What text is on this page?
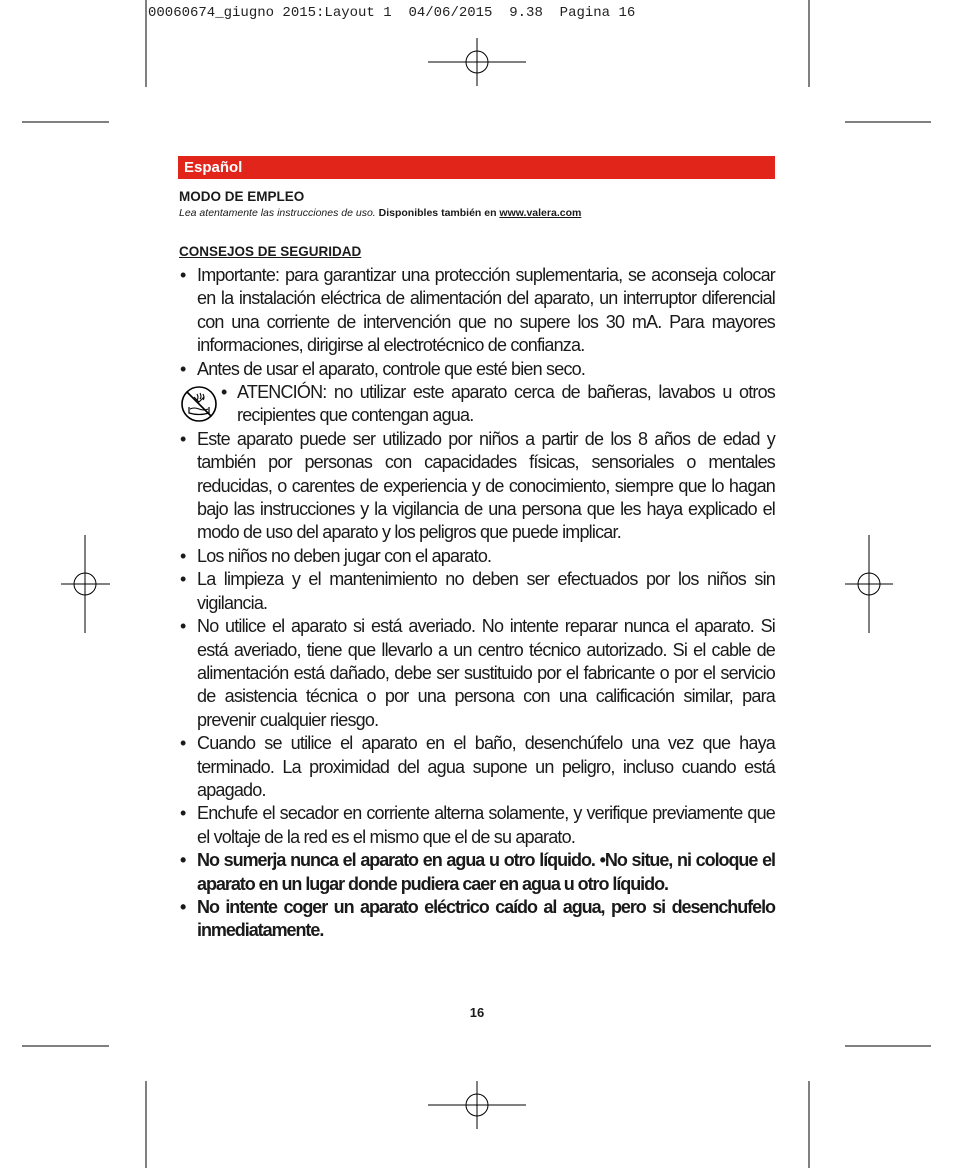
00060674_giugno 2015:Layout 1  04/06/2015  9.38  Pagina 16
Español
MODO DE EMPLEO
Lea atentamente las instrucciones de uso. Disponibles también en www.valera.com
CONSEJOS DE SEGURIDAD
• Importante: para garantizar una protección suplementaria, se aconseja colocar en la instalación eléctrica de alimentación del aparato, un interruptor diferencial con una corriente de intervención que no supere los 30 mA. Para mayores informaciones, dirigirse al electrotécnico de confianza.
• Antes de usar el aparato, controle que esté bien seco.
• ATENCIÓN: no utilizar este aparato cerca de bañeras, lavabos u otros recipientes que contengan agua.
• Este aparato puede ser utilizado por niños a partir de los 8 años de edad y también por personas con capacidades físicas, sensoriales o mentales reducidas, o carentes de experiencia y de conocimiento, siempre que lo hagan bajo las instrucciones y la vigilancia de una persona que les haya explicado el modo de uso del aparato y los peligros que puede implicar.
• Los niños no deben jugar con el aparato.
• La limpieza y el mantenimiento no deben ser efectuados por los niños sin vigilancia.
• No utilice el aparato si está averiado. No intente reparar nunca el aparato. Si está averiado, tiene que llevarlo a un centro técnico autorizado. Si el cable de alimentación está dañado, debe ser sustituido por el fabricante o por el servicio de asistencia técnica o por una persona con una calificación similar, para prevenir cualquier riesgo.
• Cuando se utilice el aparato en el baño, desenchúfelo una vez que haya terminado. La proximidad del agua supone un peligro, incluso cuando está apagado.
• Enchufe el secador en corriente alterna solamente, y verifique previamente que el voltaje de la red es el mismo que el de su aparato.
• No sumerja nunca el aparato en agua u otro líquido. •No situe, ni coloque el aparato en un lugar donde pudiera caer en agua u otro líquido.
• No intente coger un aparato eléctrico caído al agua, pero si desenchufelo inmediatamente.
16
